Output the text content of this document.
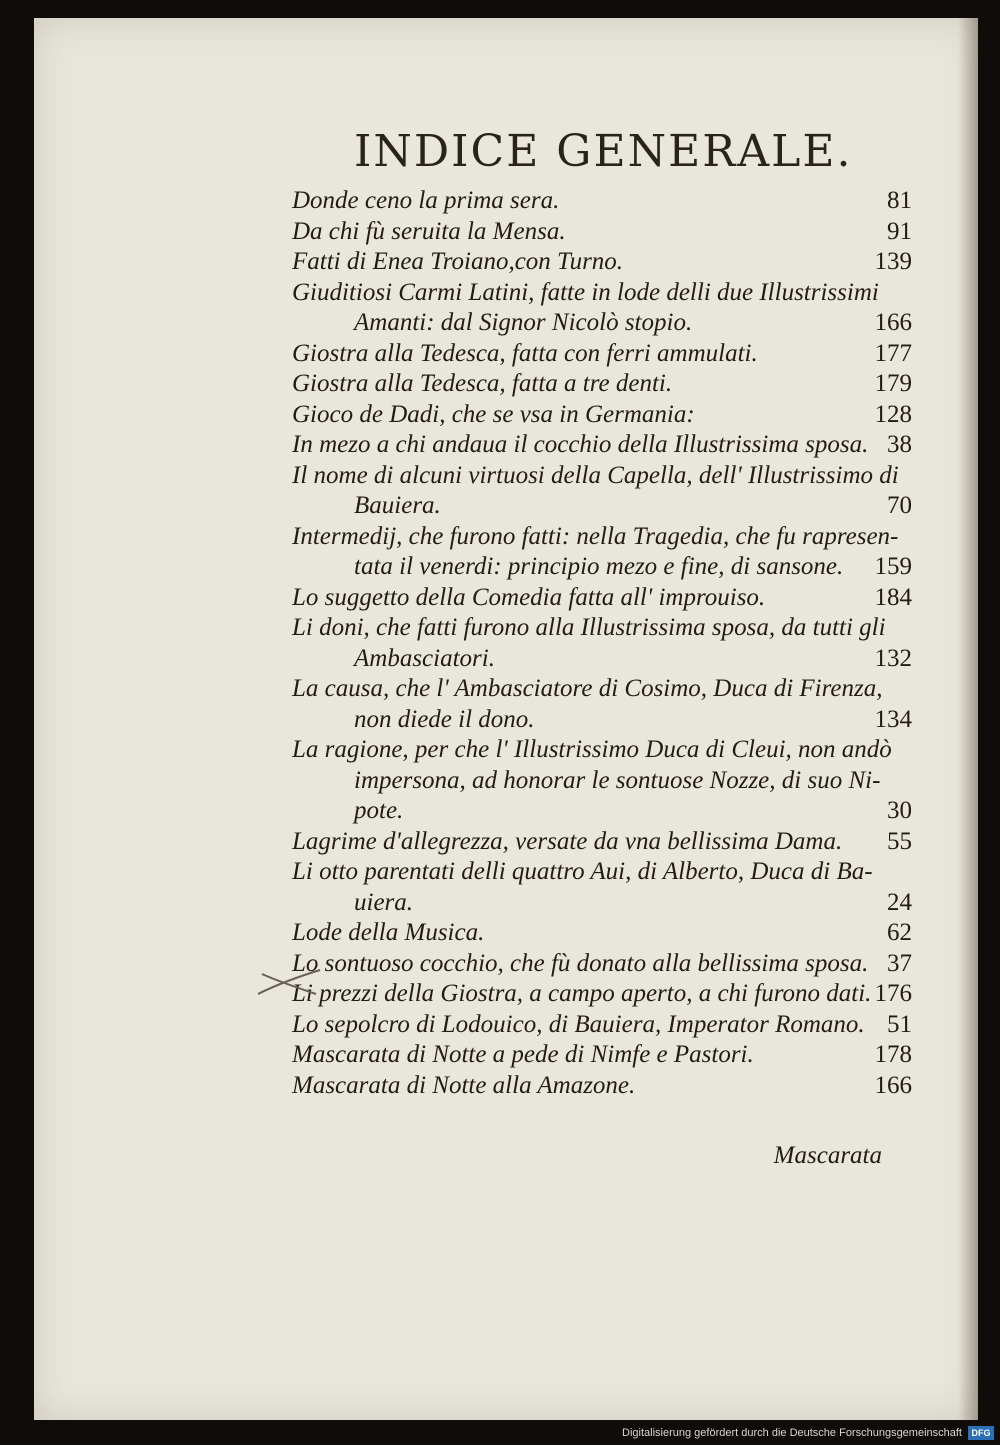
INDICE GENERALE.
Donde ceno la prima sera.	81
Da chi fù seruita la Mensa.	91
Fatti di Enea Troiano,con Turno.	139
Giuditiosi Carmi Latini, fatte in lode delli due Illustrissimi
Amanti: dal Signor Nicolò stopio.	166
Giostra alla Tedesca, fatta con ferri ammulati.	177
Giostra alla Tedesca, fatta a tre denti.	179
Gioco de Dadi, che se vsa in Germania:	128
In mezo a chi andaua il cocchio della Illustrissima sposa. 38
Il nome di alcuni virtuosi della Capella, dell' Illustrissimo di
Bauiera.	70
Intermedij, che furono fatti: nella Tragedia, che fu rapresen-
tata il venerdi: principio mezo e fine, di sansone.	159
Lo suggetto della Comedia fatta all' improuiso.	184
Li doni, che fatti furono alla Illustrissima sposa, da tutti gli
Ambasciatori.	132
La causa, che l' Ambasciatore di Cosimo, Duca di Firenza,
non diede il dono.	134
La ragione, per che l' Illustrissimo Duca di Cleui, non andò
impersona, ad honorar le sontuose Nozze, di suo Ni-
pote.	30
Lagrime d'allegrezza, versate da vna bellissima Dama.	55
Li otto parentati delli quattro Aui, di Alberto, Duca di Ba-
uiera.	24
Lode della Musica.	62
Lo sontuoso cocchio, che fù donato alla bellissima sposa. 37
Li prezzi della Giostra, a campo aperto, a chi furono dati. 176
Lo sepolcro di Lodouico, di Bauiera, Imperator Romano. 51
Mascarata di Notte a pede di Nimfe e Pastori.	178
Mascarata di Notte alla Amazone.	166
Mascarata
Digitalisierung gefördert durch die Deutsche Forschungsgemeinschaft	DFG
